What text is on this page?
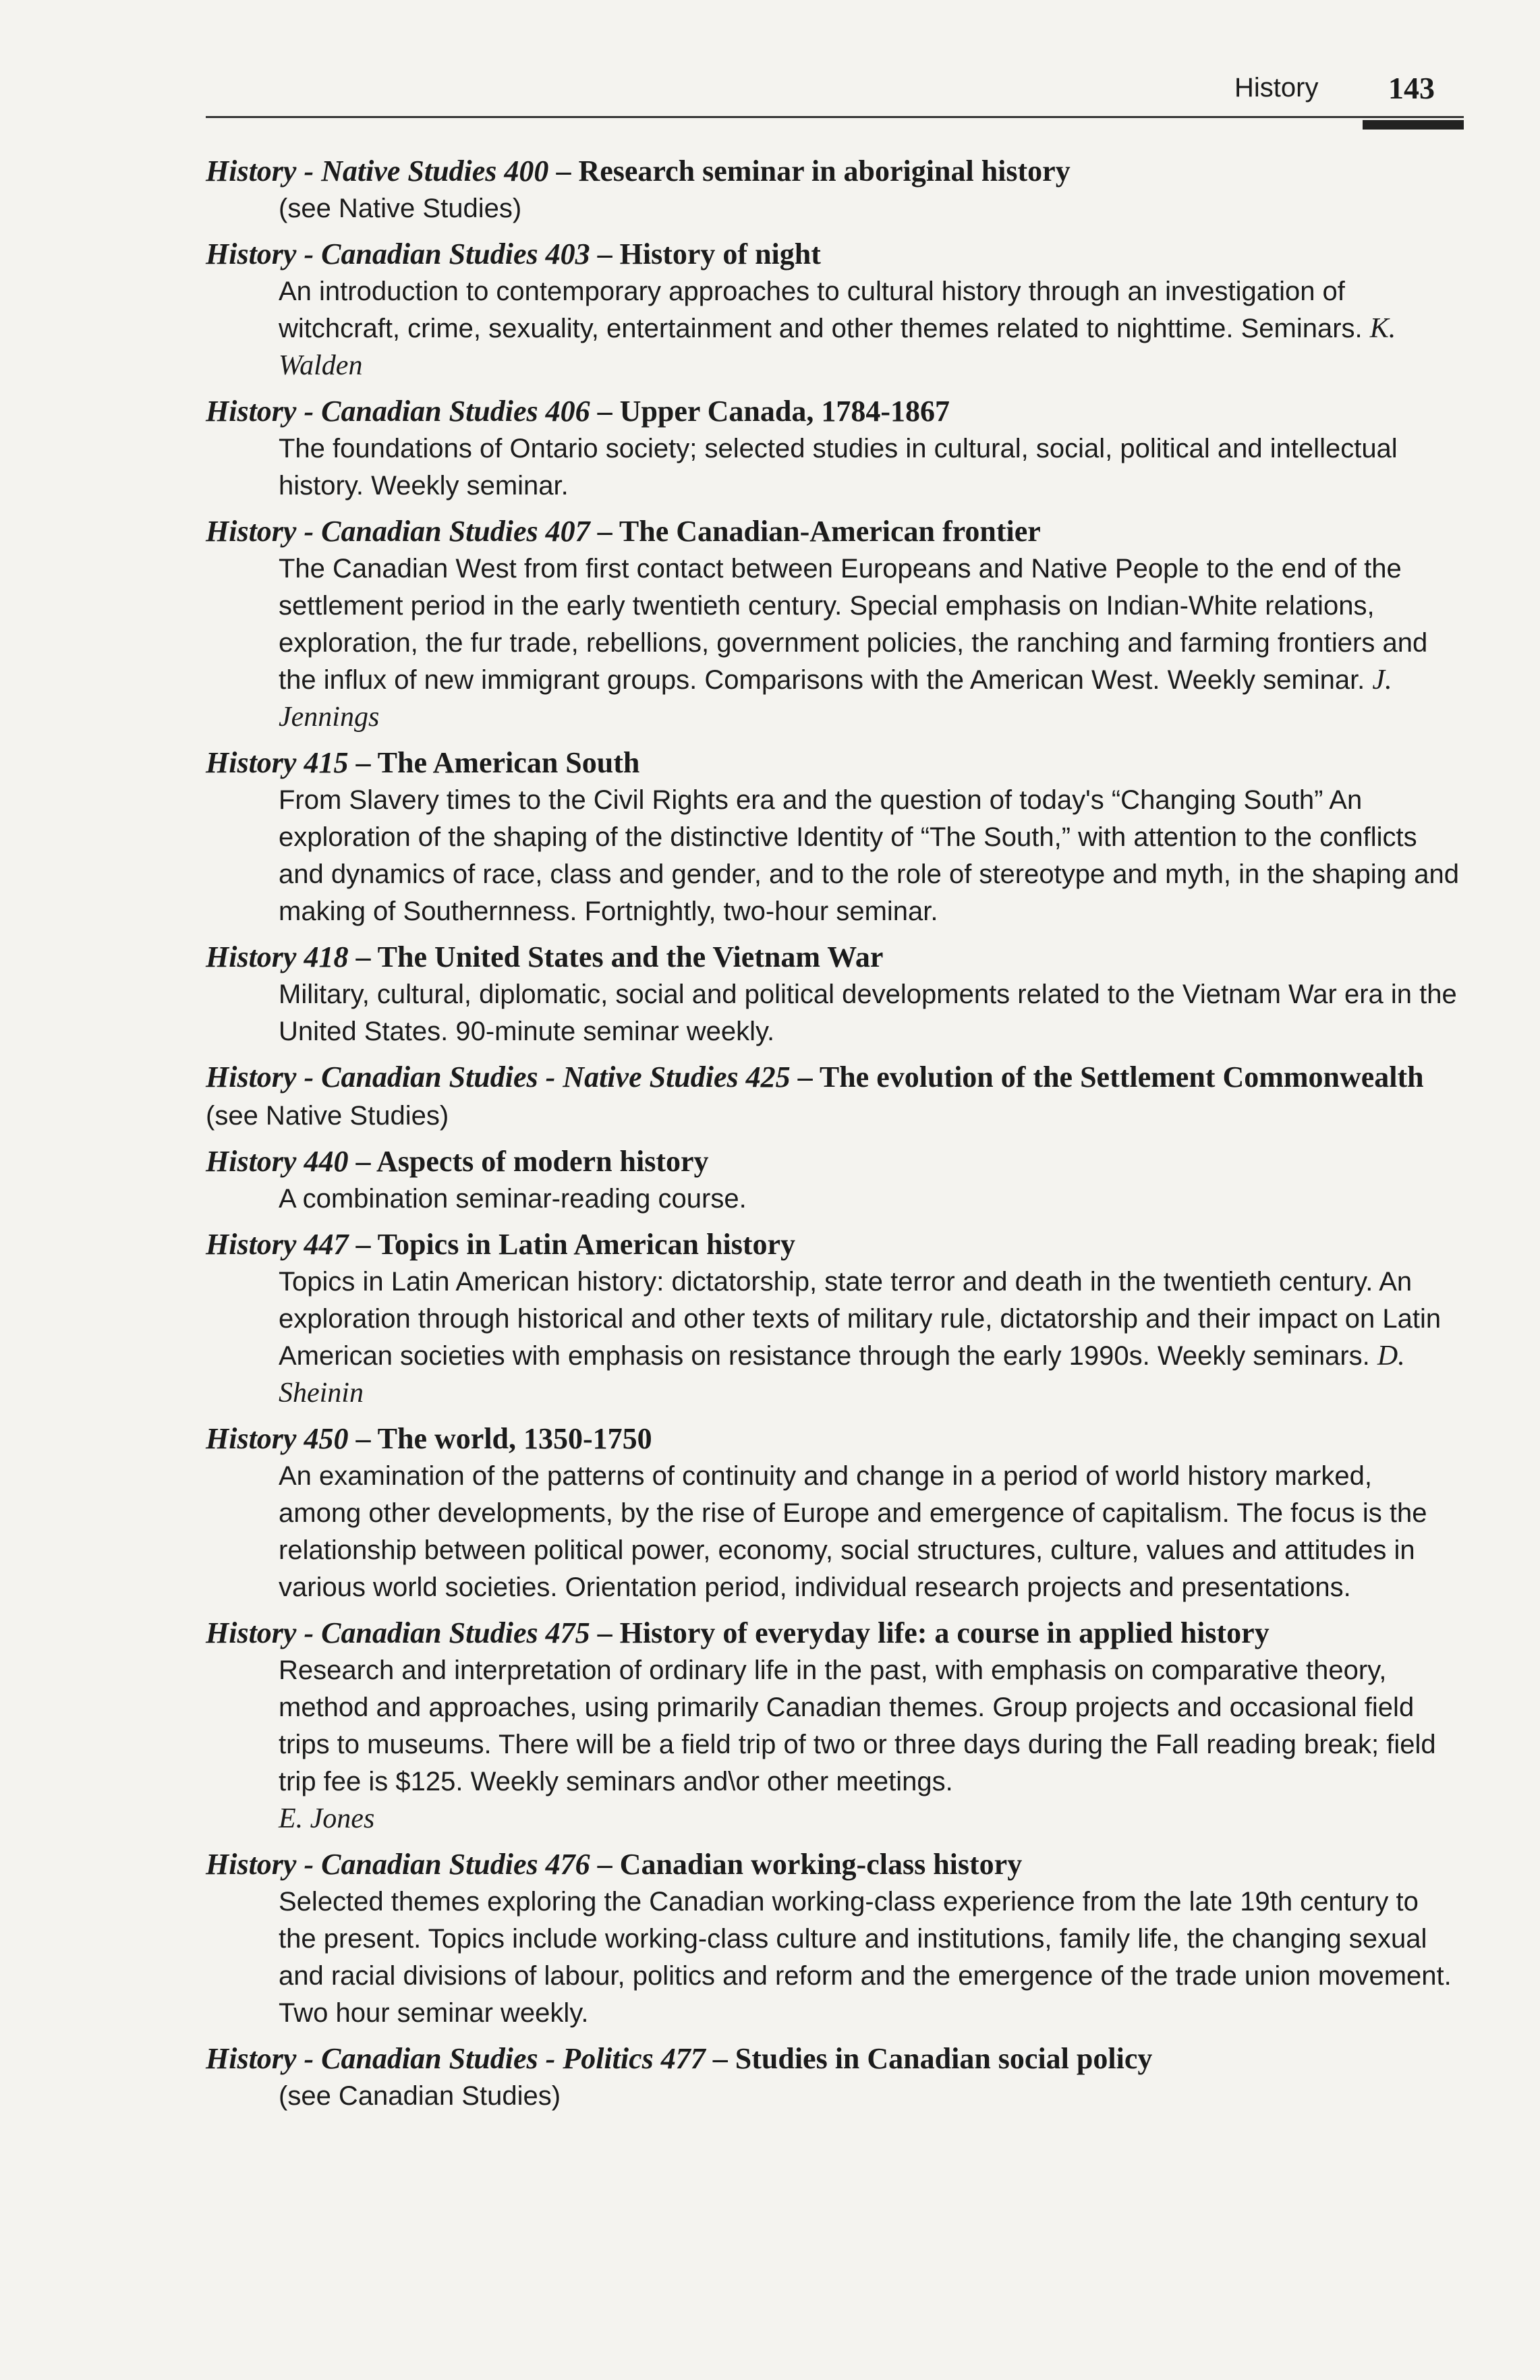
History 143
History - Native Studies 400 – Research seminar in aboriginal history
(see Native Studies)
History - Canadian Studies 403 – History of night
An introduction to contemporary approaches to cultural history through an investigation of witchcraft, crime, sexuality, entertainment and other themes related to nighttime. Seminars. K. Walden
History - Canadian Studies 406 – Upper Canada, 1784-1867
The foundations of Ontario society; selected studies in cultural, social, political and intellectual history. Weekly seminar.
History - Canadian Studies 407 – The Canadian-American frontier
The Canadian West from first contact between Europeans and Native People to the end of the settlement period in the early twentieth century. Special emphasis on Indian-White relations, exploration, the fur trade, rebellions, government policies, the ranching and farming frontiers and the influx of new immigrant groups. Comparisons with the American West. Weekly seminar. J. Jennings
History 415 – The American South
From Slavery times to the Civil Rights era and the question of today's “Changing South” An exploration of the shaping of the distinctive Identity of “The South,” with attention to the conflicts and dynamics of race, class and gender, and to the role of stereotype and myth, in the shaping and making of Southernness. Fortnightly, two-hour seminar.
History 418 – The United States and the Vietnam War
Military, cultural, diplomatic, social and political developments related to the Vietnam War era in the United States. 90-minute seminar weekly.
History - Canadian Studies - Native Studies 425 – The evolution of the Settlement Commonwealth (see Native Studies)
History 440 – Aspects of modern history
A combination seminar-reading course.
History 447 – Topics in Latin American history
Topics in Latin American history: dictatorship, state terror and death in the twentieth century. An exploration through historical and other texts of military rule, dictatorship and their impact on Latin American societies with emphasis on resistance through the early 1990s. Weekly seminars. D. Sheinin
History 450 – The world, 1350-1750
An examination of the patterns of continuity and change in a period of world history marked, among other developments, by the rise of Europe and emergence of capitalism. The focus is the relationship between political power, economy, social structures, culture, values and attitudes in various world societies. Orientation period, individual research projects and presentations.
History - Canadian Studies 475 – History of everyday life: a course in applied history
Research and interpretation of ordinary life in the past, with emphasis on comparative theory, method and approaches, using primarily Canadian themes. Group projects and occasional field trips to museums. There will be a field trip of two or three days during the Fall reading break; field trip fee is $125. Weekly seminars and\or other meetings.
E. Jones
History - Canadian Studies 476 – Canadian working-class history
Selected themes exploring the Canadian working-class experience from the late 19th century to the present. Topics include working-class culture and institutions, family life, the changing sexual and racial divisions of labour, politics and reform and the emergence of the trade union movement. Two hour seminar weekly.
History - Canadian Studies - Politics 477 – Studies in Canadian social policy
(see Canadian Studies)
